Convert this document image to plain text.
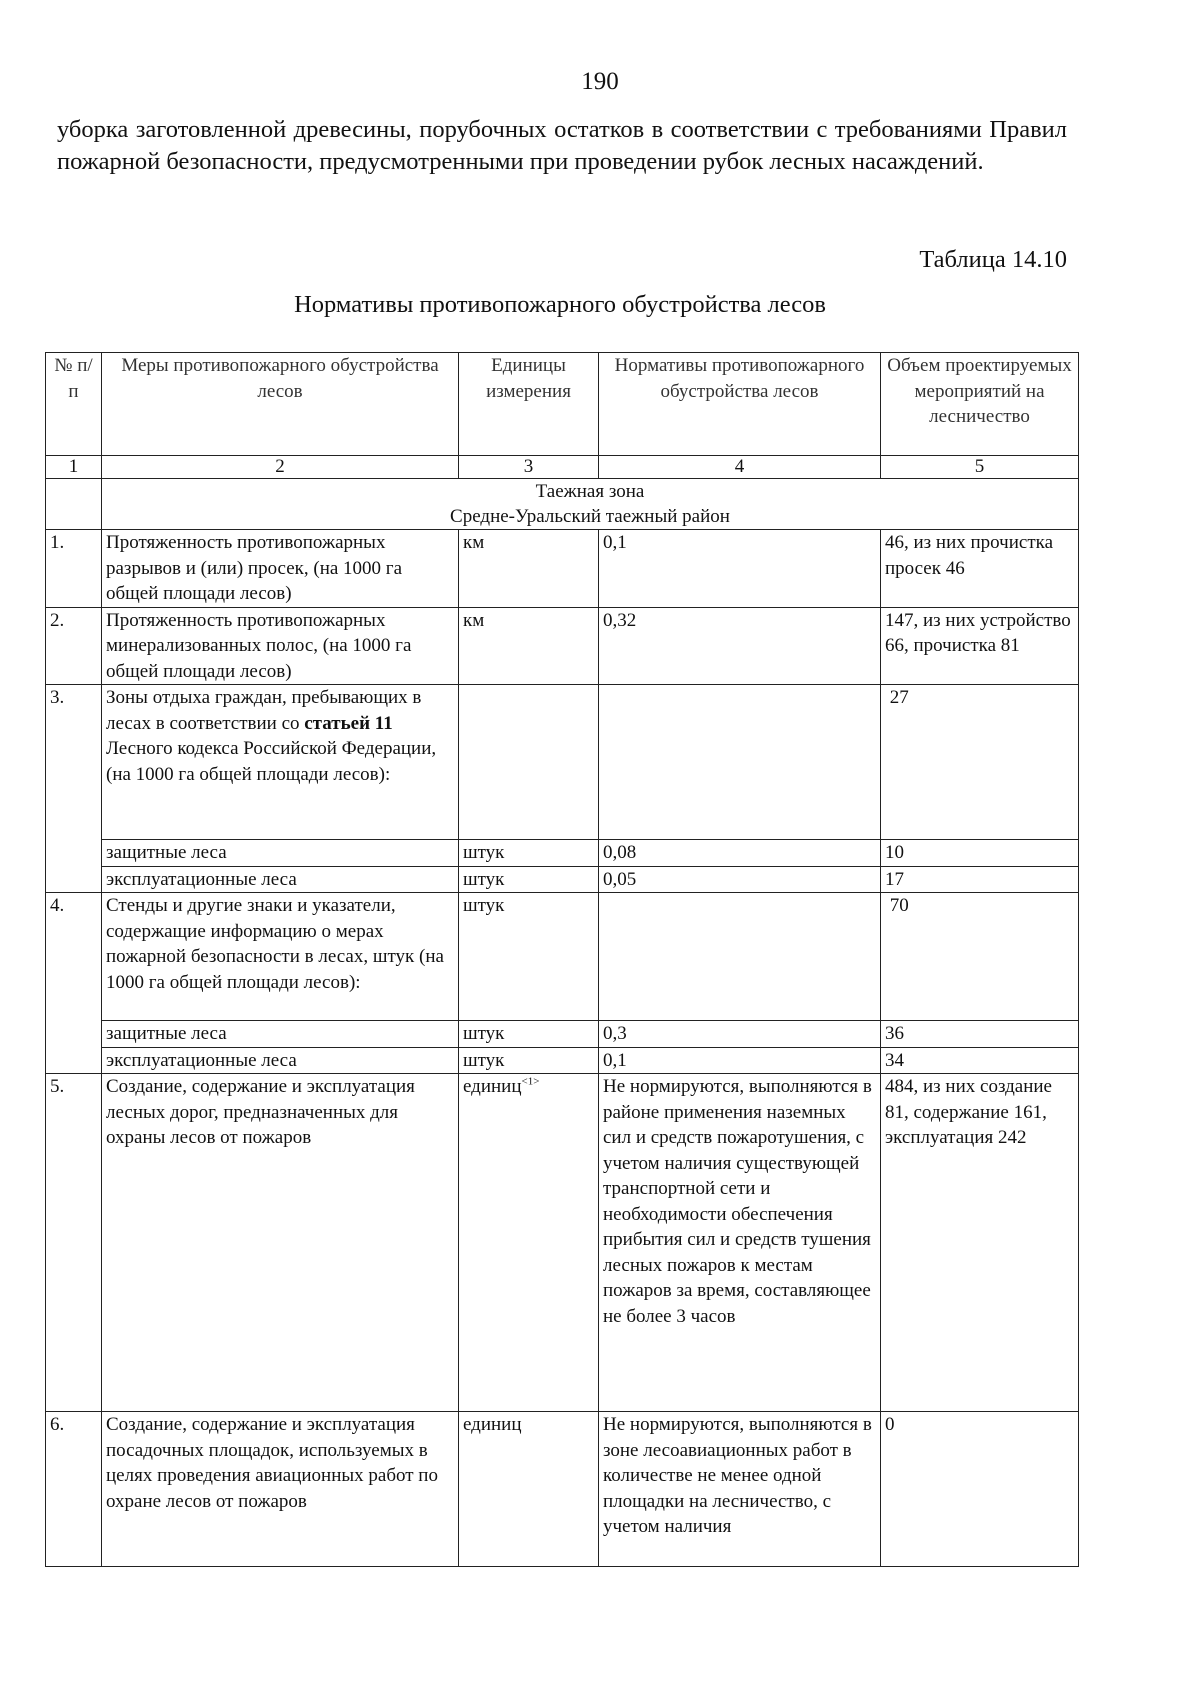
190
уборка заготовленной древесины, порубочных остатков в соответствии с требованиями Правил пожарной безопасности, предусмотренными при проведении рубок лесных насаждений.
Таблица 14.10
Нормативы противопожарного обустройства лесов
№ п/п	Меры противопожарного обустройства лесов	Единицы измерения	Нормативы противопожарного обустройства лесов	Объем проектируемых мероприятий на лесничество
1	2	3	4	5

	Таежная зона
Средне-Уральский таежный район			

1.	Протяженность противопожарных разрывов и (или) просек, (на 1000 га общей площади лесов)	км	0,1	46, из них прочистка просек 46
2.	Протяженность противопожарных минерализованных полос, (на 1000 га общей площади лесов)	км	0,32	147, из них устройство 66, прочистка 81
3.	Зоны отдыха граждан, пребывающих в лесах в соответствии со статьей 11 Лесного кодекса Российской Федерации, (на 1000 га общей площади лесов):			27
	защитные леса	штук	0,08	10
	эксплуатационные леса	штук	0,05	17
4.	Стенды и другие знаки и указатели, содержащие информацию о мерах пожарной безопасности в лесах, штук (на 1000 га общей площади лесов):	штук		70
	защитные леса	штук	0,3	36
	эксплуатационные леса	штук	0,1	34
5.	Создание, содержание и эксплуатация лесных дорог, предназначенных для охраны лесов от пожаров	единиц$^{<1>}$	Не нормируются, выполняются в районе применения наземных сил и средств пожаротушения, с учетом наличия существующей транспортной сети и необходимости обеспечения прибытия сил и средств тушения лесных пожаров к местам пожаров за время, составляющее не более 3 часов	484, из них создание 81, содержание 161, эксплуатация 242
6.	Создание, содержание и эксплуатация посадочных площадок, используемых в целях проведения авиационных работ по охране лесов от пожаров	единиц	Не нормируются, выполняются в зоне лесоавиационных работ в количестве не менее одной площадки на лесничество, с учетом наличия	0
